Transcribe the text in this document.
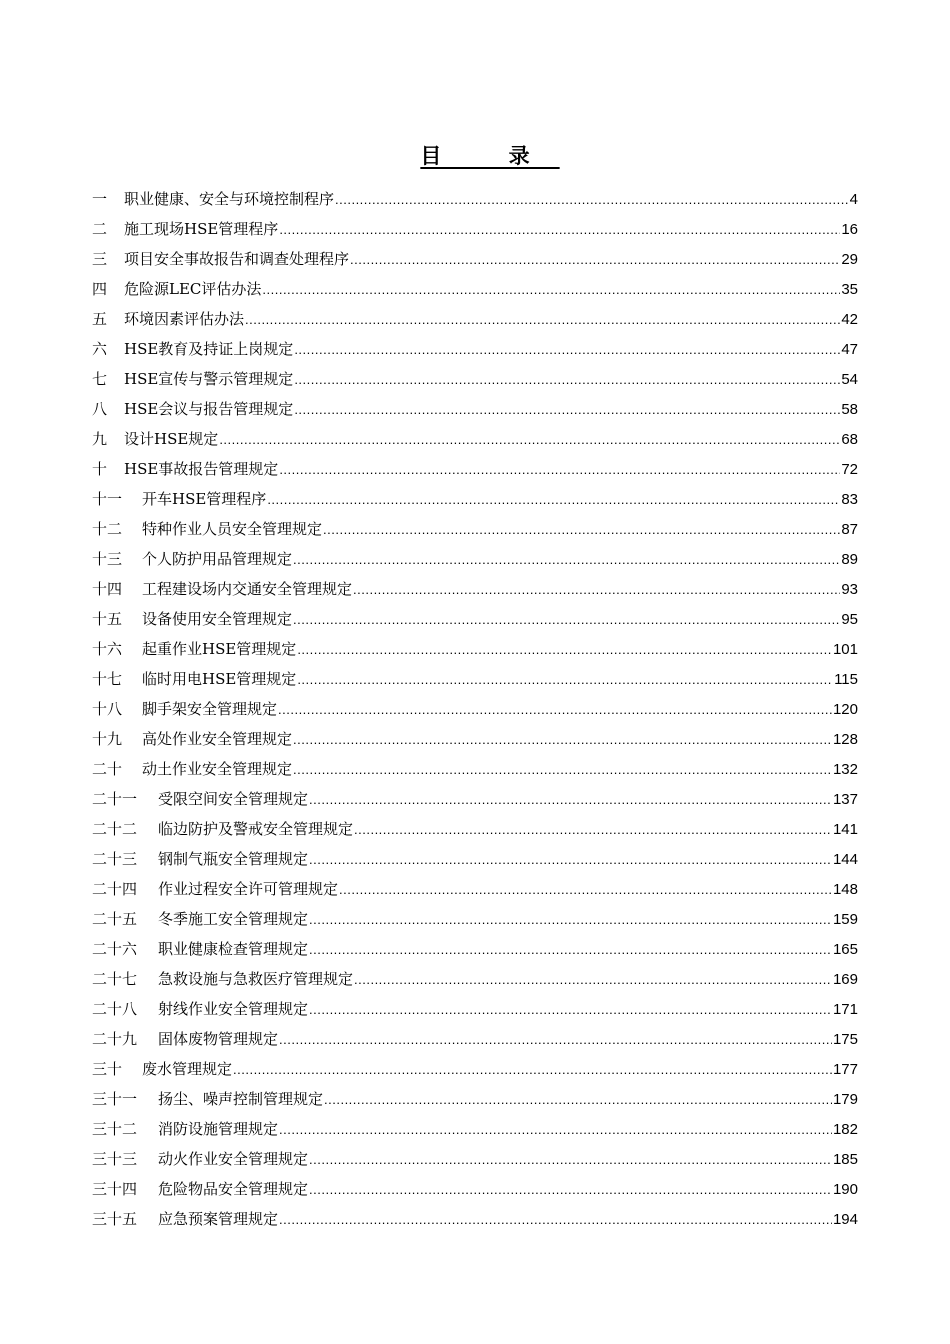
目 录
一	职业健康、安全与环境控制程序 .....	4
二	施工现场HSE管理程序 .....	16
三	项目安全事故报告和调查处理程序 .....	29
四	危险源LEC评估办法 .....	35
五	环境因素评估办法 .....	42
六	HSE教育及持证上岗规定 .....	47
七	HSE宣传与警示管理规定 .....	54
八	HSE会议与报告管理规定 .....	58
九	设计HSE规定 .....	68
十	HSE事故报告管理规定 .....	72
十一	开车HSE管理程序 .....	83
十二	特种作业人员安全管理规定 .....	87
十三	个人防护用品管理规定 .....	89
十四	工程建设场内交通安全管理规定 .....	93
十五	设备使用安全管理规定 .....	95
十六	起重作业HSE管理规定 .....	101
十七	临时用电HSE管理规定 .....	115
十八	脚手架安全管理规定 .....	120
十九	高处作业安全管理规定 .....	128
二十	动土作业安全管理规定 .....	132
二十一	受限空间安全管理规定 .....	137
二十二	临边防护及警戒安全管理规定 .....	141
二十三	钢制气瓶安全管理规定 .....	144
二十四	作业过程安全许可管理规定 .....	148
二十五	冬季施工安全管理规定 .....	159
二十六	职业健康检查管理规定 .....	165
二十七	急救设施与急救医疗管理规定 .....	169
二十八	射线作业安全管理规定 .....	171
二十九	固体废物管理规定 .....	175
三十	废水管理规定 .....	177
三十一	扬尘、噪声控制管理规定 .....	179
三十二	消防设施管理规定 .....	182
三十三	动火作业安全管理规定 .....	185
三十四	危险物品安全管理规定 .....	190
三十五	应急预案管理规定 .....	194
